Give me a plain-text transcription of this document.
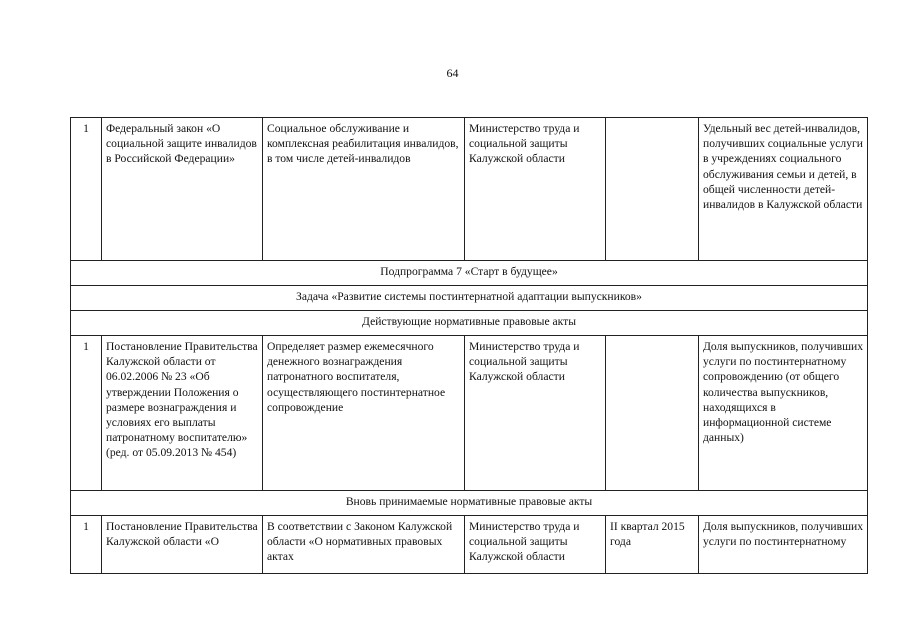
64
1	Федеральный закон «О социальной защите инвалидов в Российской Федерации»	Социальное обслуживание и комплексная реабилитация инвалидов, в том числе детей-инвалидов	Министерство труда и социальной защиты Калужской области		Удельный вес детей-инвалидов, получивших социальные услуги в учреждениях социального обслуживания семьи и детей, в общей численности детей-инвалидов в Калужской области
Подпрограмма 7 «Старт в будущее»					
Задача «Развитие системы постинтернатной адаптации выпускников»					
Действующие нормативные правовые акты					
1	Постановление Правительства Калужской области от 06.02.2006 № 23 «Об утверждении Положения о размере вознаграждения и условиях его выплаты патронатному воспитателю» (ред. от 05.09.2013 № 454)	Определяет размер ежемесячного денежного вознаграждения патронатного воспитателя, осуществляющего постинтернатное сопровождение	Министерство труда и социальной защиты Калужской области		Доля выпускников, получивших услуги по постинтернатному сопровождению (от общего количества выпускников, находящихся в информационной системе данных)
Вновь принимаемые нормативные правовые акты					
1	Постановление Правительства Калужской области «О	В соответствии с Законом Калужской области «О нормативных правовых актах	Министерство труда и социальной защиты Калужской области	II квартал 2015 года	Доля выпускников, получивших услуги по постинтернатному
